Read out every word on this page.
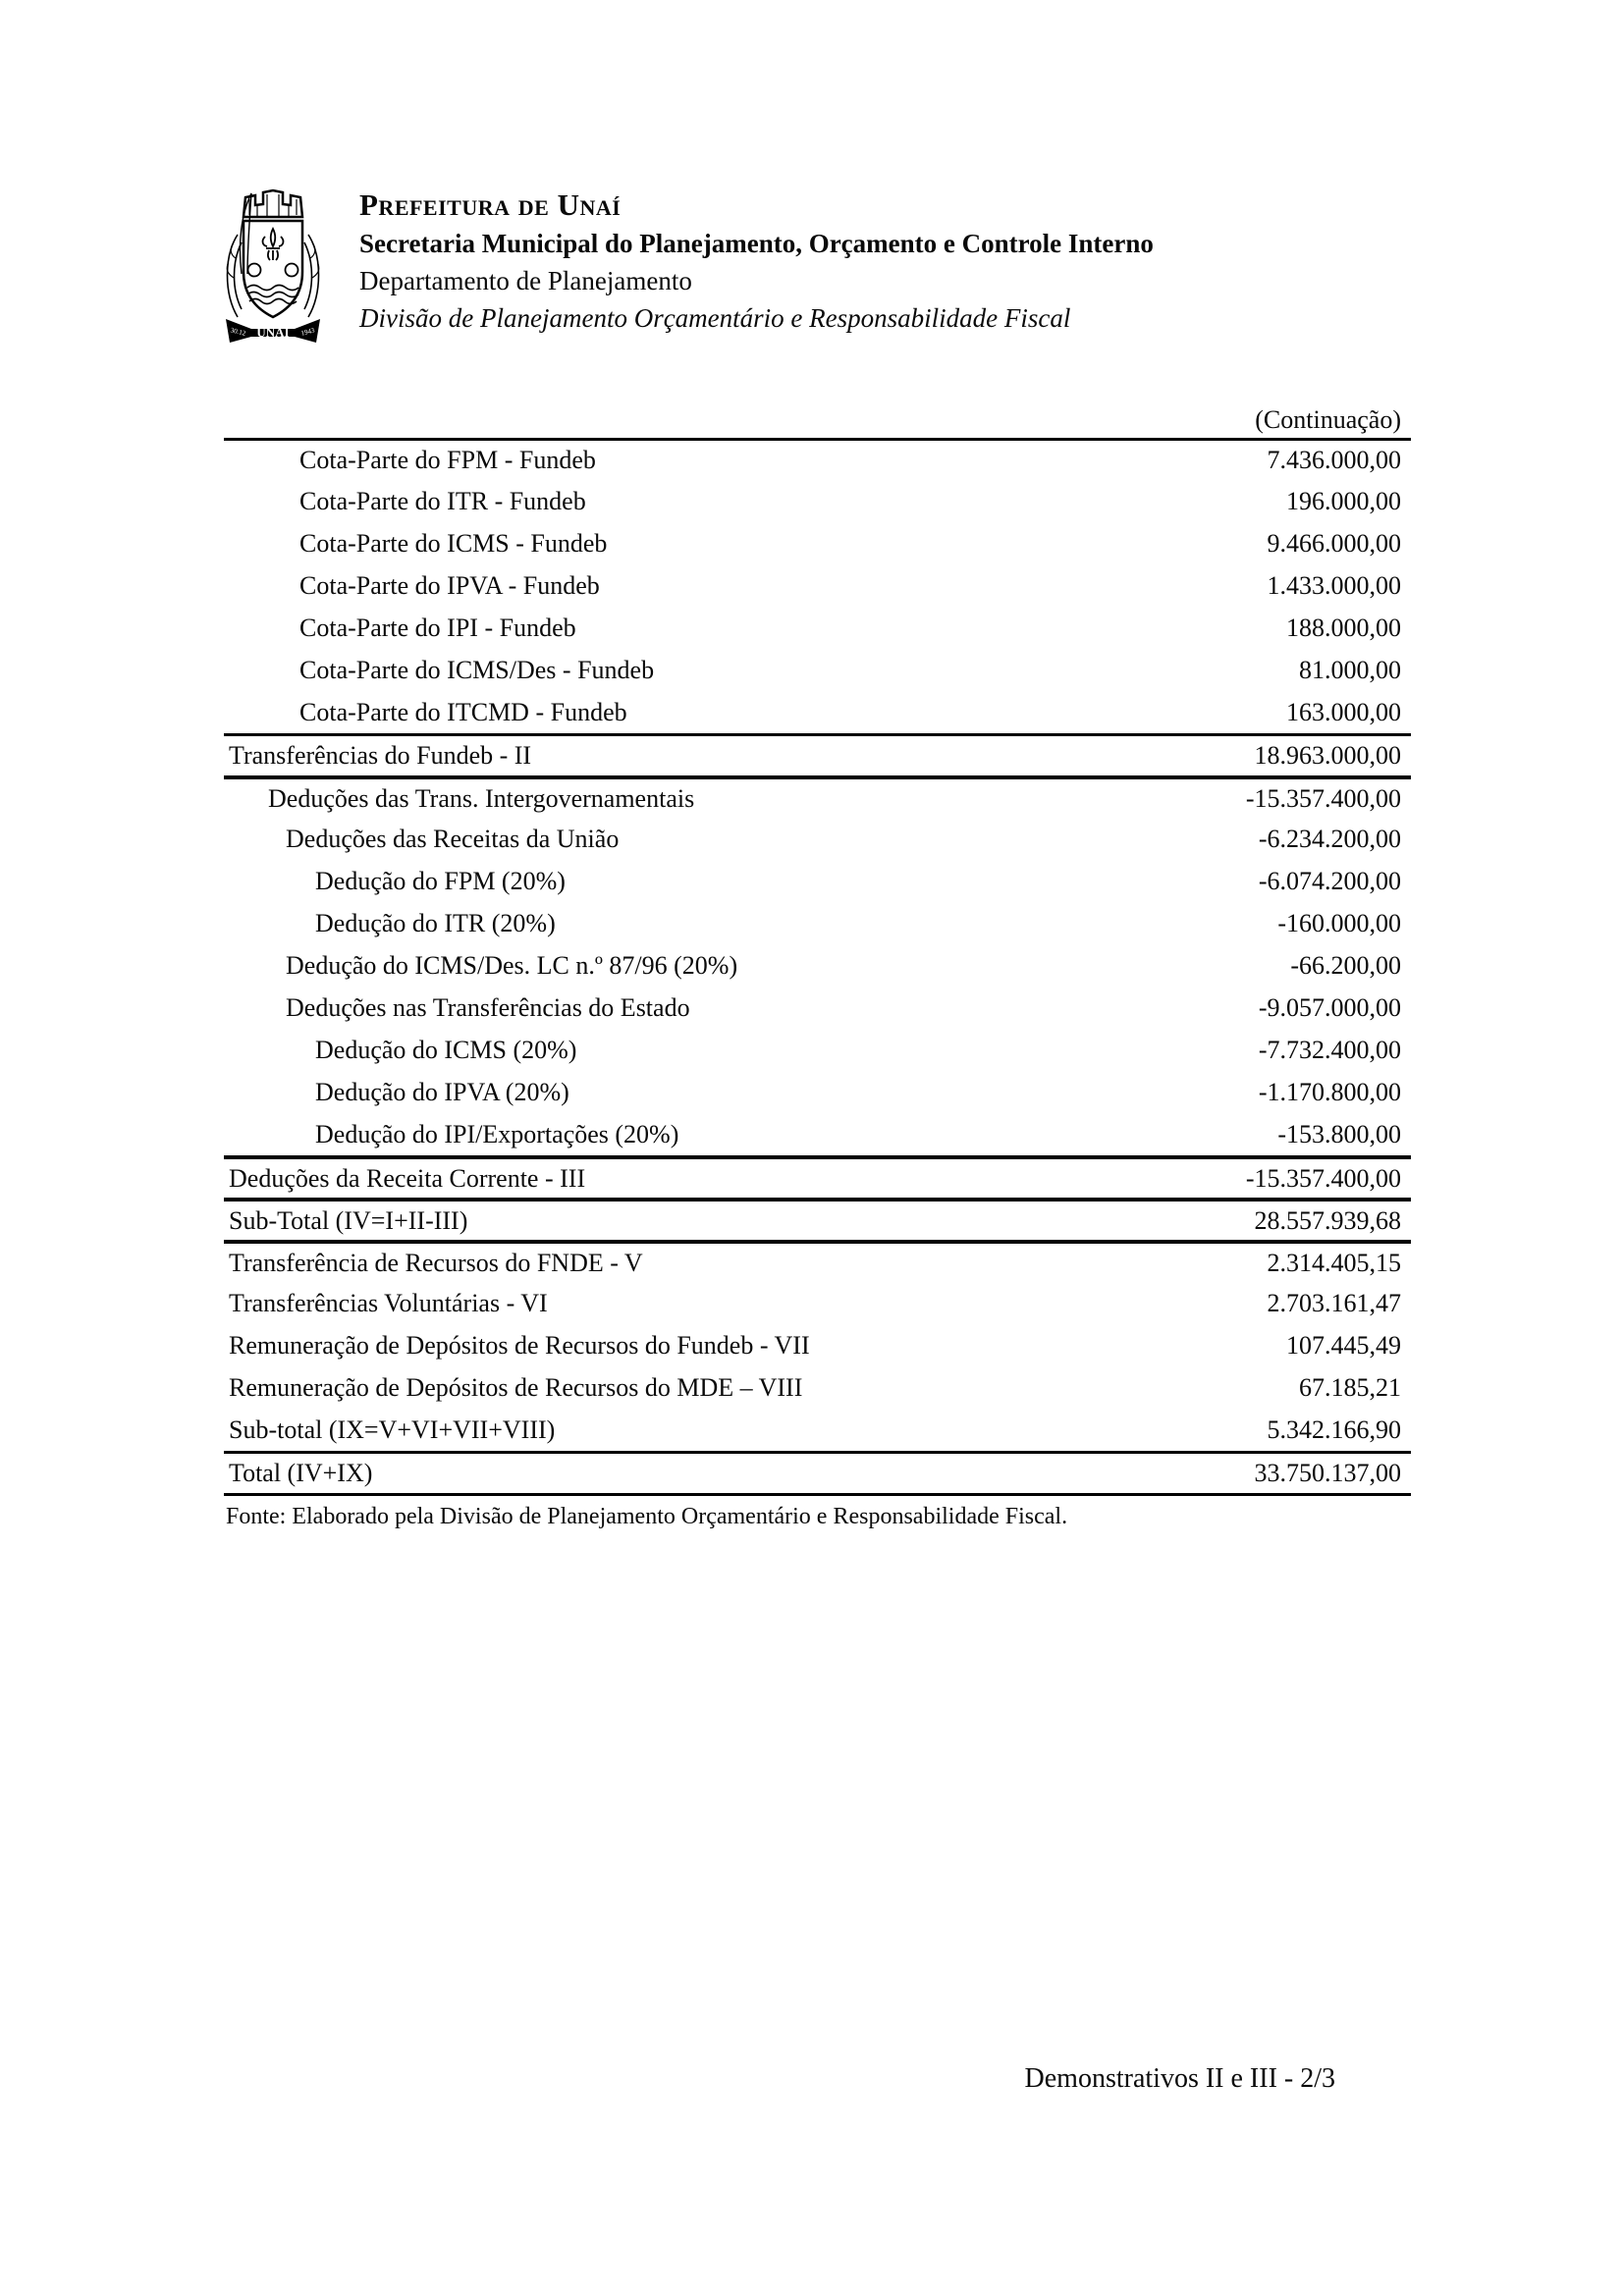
UNAÍ
30.12	1943
Prefeitura de Unaí
Secretaria Municipal do Planejamento, Orçamento e Controle Interno
Departamento de Planejamento
Divisão de Planejamento Orçamentário e Responsabilidade Fiscal
(Continuação)
Cota-Parte do FPM - Fundeb	7.436.000,00
Cota-Parte do ITR - Fundeb	196.000,00
Cota-Parte do ICMS - Fundeb	9.466.000,00
Cota-Parte do IPVA - Fundeb	1.433.000,00
Cota-Parte do IPI - Fundeb	188.000,00
Cota-Parte do ICMS/Des - Fundeb	81.000,00
Cota-Parte do ITCMD - Fundeb	163.000,00
Transferências do Fundeb - II	18.963.000,00
Deduções das Trans. Intergovernamentais	-15.357.400,00
Deduções das Receitas da União	-6.234.200,00
Dedução do FPM (20%)	-6.074.200,00
Dedução do ITR (20%)	-160.000,00
Dedução do ICMS/Des. LC n.º 87/96 (20%)	-66.200,00
Deduções nas Transferências do Estado	-9.057.000,00
Dedução do ICMS (20%)	-7.732.400,00
Dedução do IPVA (20%)	-1.170.800,00
Dedução do IPI/Exportações (20%)	-153.800,00
Deduções da Receita Corrente - III	-15.357.400,00
Sub-Total (IV=I+II-III)	28.557.939,68
Transferência de Recursos do FNDE - V	2.314.405,15
Transferências Voluntárias - VI	2.703.161,47
Remuneração de Depósitos de Recursos do Fundeb - VII	107.445,49
Remuneração de Depósitos de Recursos do MDE – VIII	67.185,21
Sub-total (IX=V+VI+VII+VIII)	5.342.166,90
Total (IV+IX)	33.750.137,00
Fonte: Elaborado pela Divisão de Planejamento Orçamentário e Responsabilidade Fiscal.
Demonstrativos II e III - 2/3
